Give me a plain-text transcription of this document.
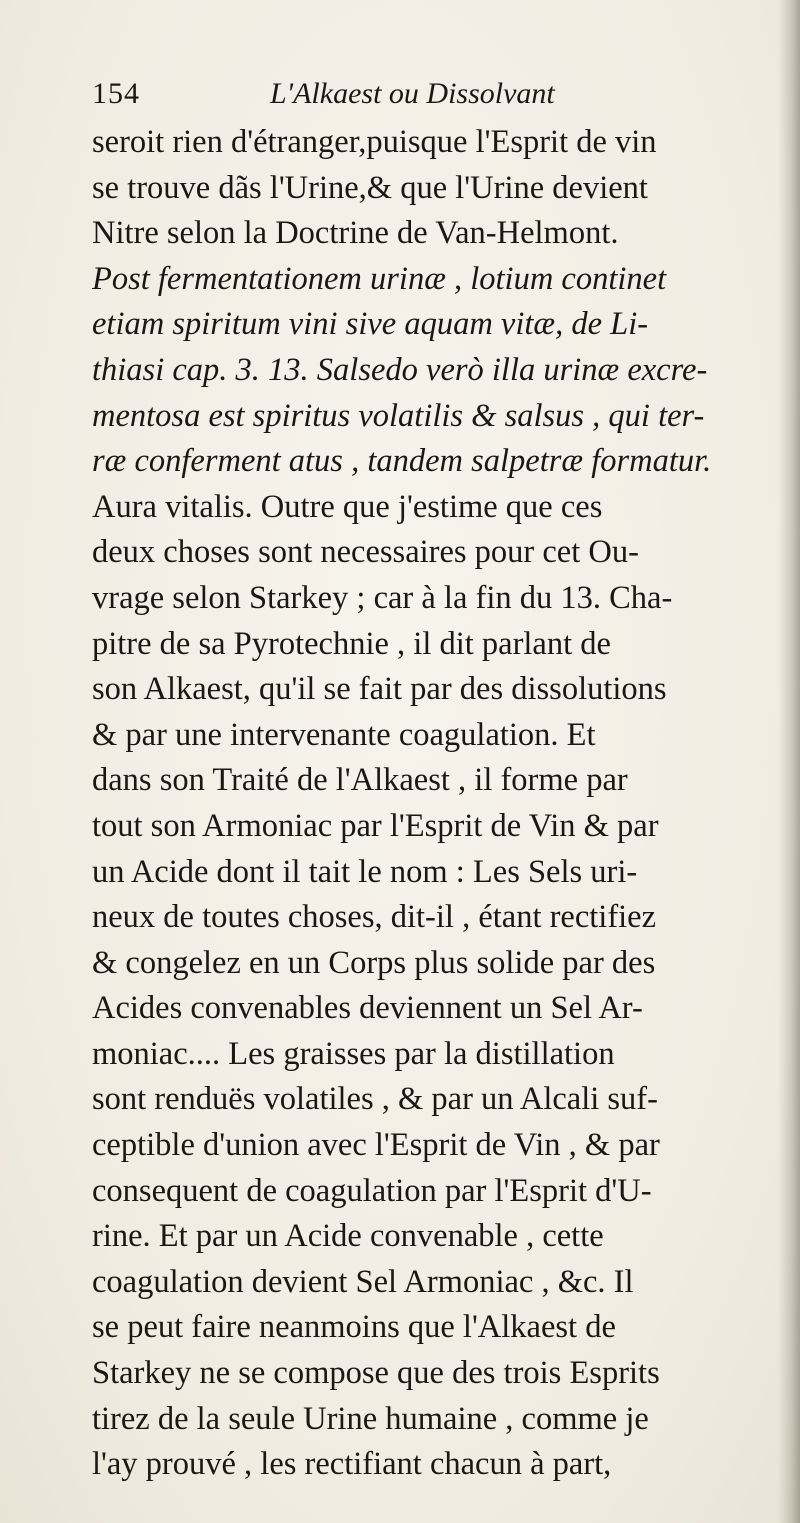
154	L'Alkaest ou Dissolvant
seroit rien d'étranger,puisque l'Esprit de vin
se trouve dãs l'Urine,& que l'Urine devient
Nitre selon la Doctrine de Van-Helmont.
Post fermentationem urinæ , lotium continet
etiam spiritum vini sive aquam vitæ, de Li-
thiasi cap. 3. 13. Salsedo verò illa urinæ excre-
mentosa est spiritus volatilis & salsus , qui ter-
ræ conferment atus , tandem salpetræ formatur.
Aura vitalis. Outre que j'estime que ces
deux choses sont necessaires pour cet Ou-
vrage selon Starkey ; car à la fin du 13. Cha-
pitre de sa Pyrotechnie , il dit parlant de
son Alkaest, qu'il se fait par des dissolutions
& par une intervenante coagulation. Et
dans son Traité de l'Alkaest , il forme par
tout son Armoniac par l'Esprit de Vin & par
un Acide dont il tait le nom : Les Sels uri-
neux de toutes choses, dit-il , étant rectifiez
& congelez en un Corps plus solide par des
Acides convenables deviennent un Sel Ar-
moniac.... Les graisses par la distillation
sont renduës volatiles , & par un Alcali suf-
ceptible d'union avec l'Esprit de Vin , & par
consequent de coagulation par l'Esprit d'U-
rine. Et par un Acide convenable , cette
coagulation devient Sel Armoniac , &c. Il
se peut faire neanmoins que l'Alkaest de
Starkey ne se compose que des trois Esprits
tirez de la seule Urine humaine , comme je
l'ay prouvé , les rectifiant chacun à part,
